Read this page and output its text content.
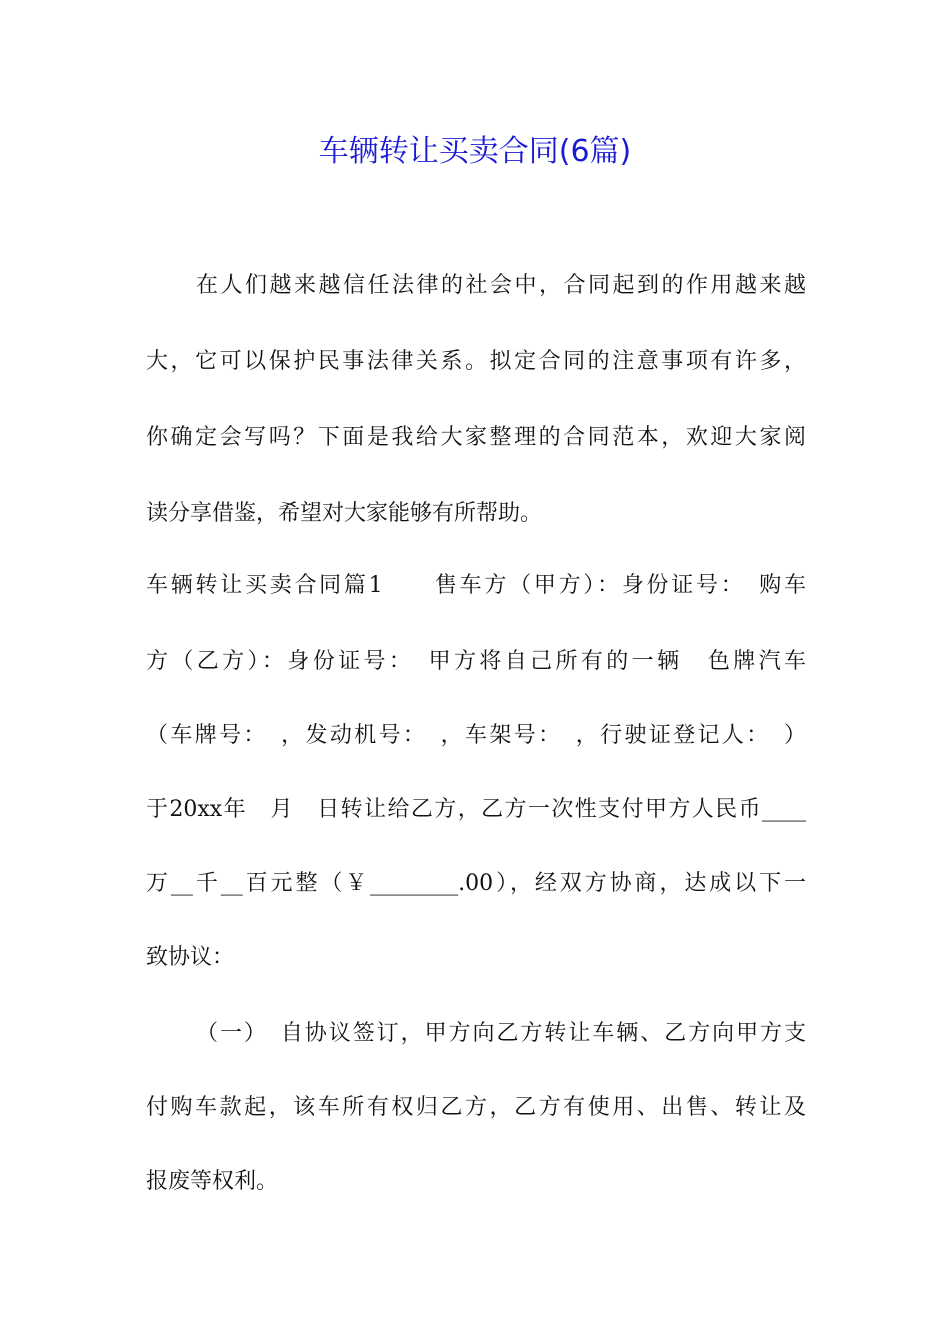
车辆转让买卖合同(6篇)

在人们越来越信任法律的社会中，合同起到的作用越来越

大，它可以保护民事法律关系。拟定合同的注意事项有许多，

你确定会写吗？下面是我给大家整理的合同范本，欢迎大家阅

读分享借鉴，希望对大家能够有所帮助。

车辆转让买卖合同篇1　　售车方（甲方）：身份证号：　购车

方（乙方）：身份证号：　甲方将自己所有的一辆　色牌汽车

（车牌号：　，发动机号：　，车架号：　，行驶证登记人：　）

于20xx年　月　日转让给乙方，乙方一次性支付甲方人民币____

万__千__百元整（￥________.00），经双方协商，达成以下一

致协议：

（一）　自协议签订，甲方向乙方转让车辆、乙方向甲方支

付购车款起，该车所有权归乙方，乙方有使用、出售、转让及

报废等权利。
